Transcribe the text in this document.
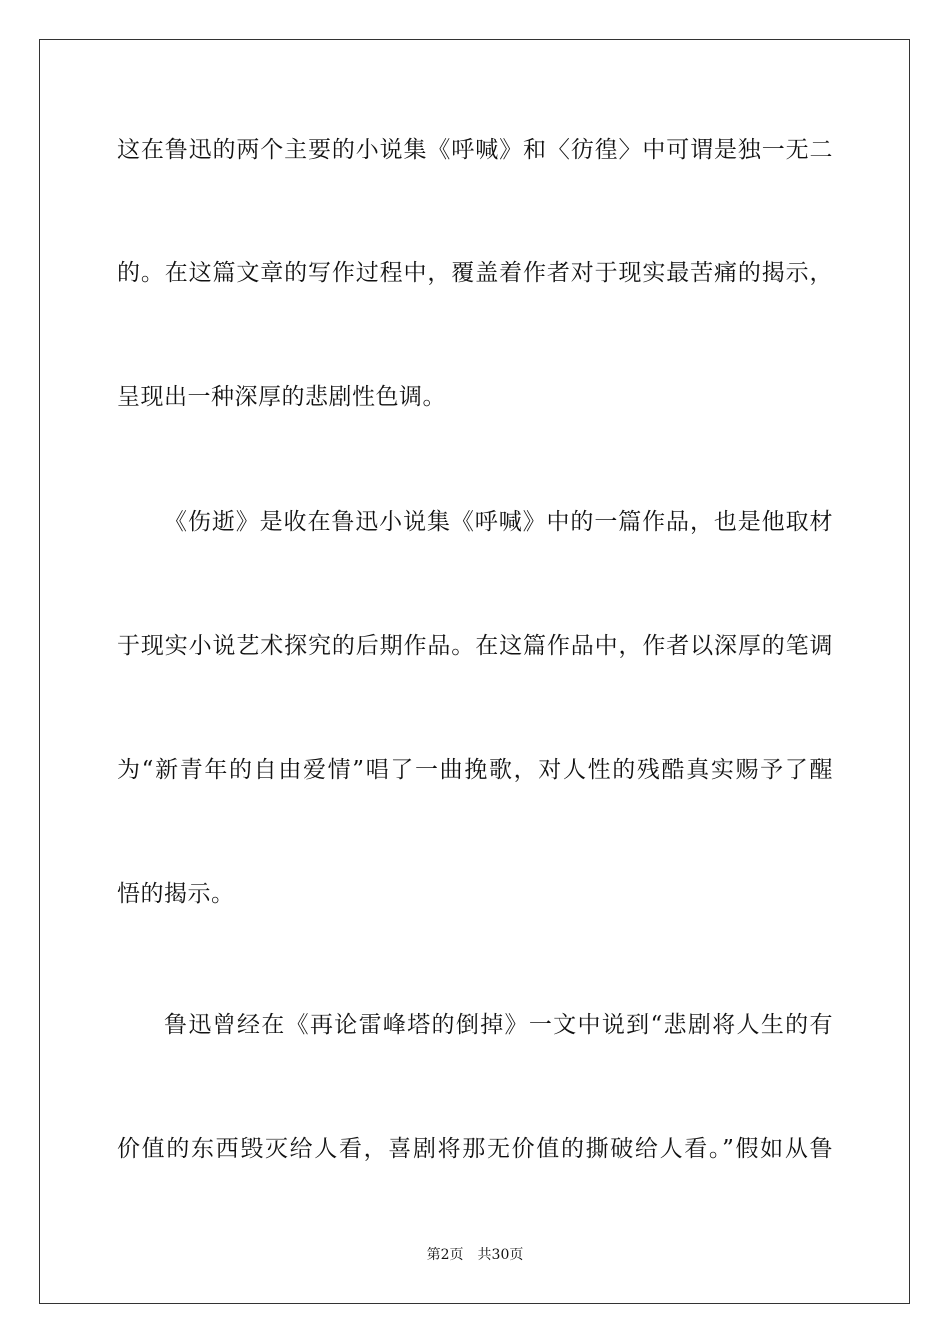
这在鲁迅的两个主要的小说集《呼喊》和〈彷徨〉中可谓是独一无二
的。在这篇文章的写作过程中，覆盖着作者对于现实最苦痛的揭示，
呈现出一种深厚的悲剧性色调。
《伤逝》是收在鲁迅小说集《呼喊》中的一篇作品，也是他取材
于现实小说艺术探究的后期作品。在这篇作品中，作者以深厚的笔调
为“新青年的自由爱情”唱了一曲挽歌，对人性的残酷真实赐予了醒
悟的揭示。
鲁迅曾经在《再论雷峰塔的倒掉》一文中说到“悲剧将人生的有
价值的东西毁灭给人看，喜剧将那无价值的撕破给人看。”假如从鲁
第2页 共30页
